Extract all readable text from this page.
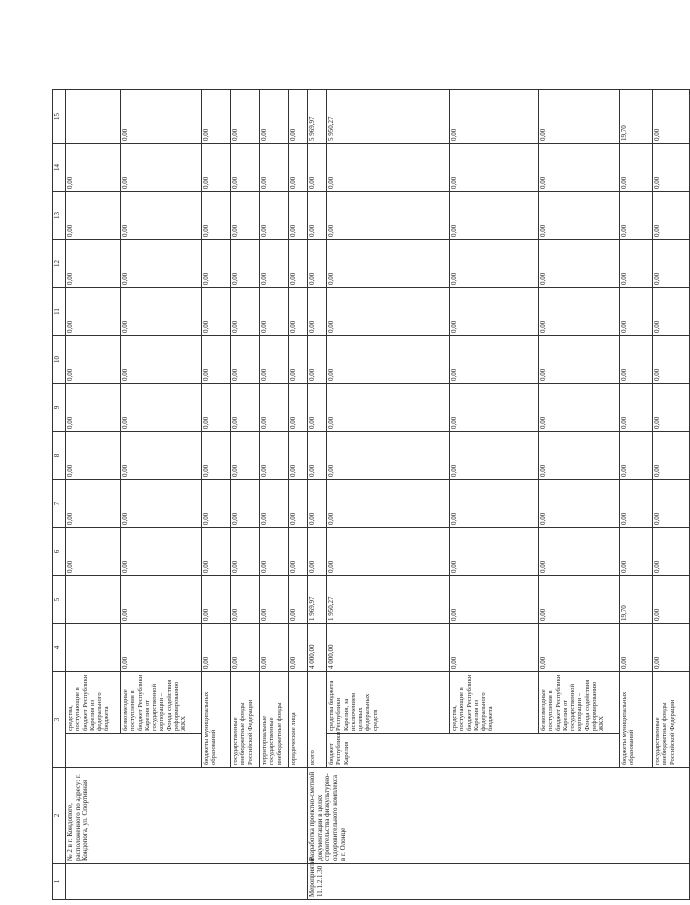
1	2	3		4	5	6	7	8	9	10	11	12	13	14	15
	№ 2 в г. Кондопоге, расположенного по адресу: г. Кондопога, ул. Спортивная		средства, поступающие в бюджет Республики Карелия из федерального бюджета			0,00	0,00	0,00	0,00	0,00	0,00	0,00	0,00	0,00	
			безвозмездные поступления в бюджет Республики Карелия от государственной корпорации – Фонда содействия реформированию ЖКХ	0,00	0,00	0,00	0,00	0,00	0,00	0,00	0,00	0,00	0,00	0,00	0,00
		бюджеты муниципальных образований		0,00	0,00	0,00	0,00	0,00	0,00	0,00	0,00	0,00	0,00	0,00	0,00
		государственные внебюджетные фонды Российской Федерации		0,00	0,00	0,00	0,00	0,00	0,00	0,00	0,00	0,00	0,00	0,00	0,00
		территориальные государственные внебюджетные фонды		0,00	0,00	0,00	0,00	0,00	0,00	0,00	0,00	0,00	0,00	0,00	0,00
		юридические лица		0,00	0,00	0,00	0,00	0,00	0,00	0,00	0,00	0,00	0,00	0,00	0,00
Мероприятие 11.1.2.1.30	Разработка проектно-сметной документации в целях строительства физкультурно-оздоровительного комплекса в г. Олонце	всего		4 000,00	1 969,97	0,00	0,00	0,00	0,00	0,00	0,00	0,00	0,00	0,00	5 969,97
		бюджет Республики Карелия	средства бюджета Республики Карелия, за исключением целевых федеральных средств	4 000,00	1 950,27	0,00	0,00	0,00	0,00	0,00	0,00	0,00	0,00	0,00	5 950,27
			средства, поступающие в бюджет Республики Карелия из федерального бюджета	0,00	0,00	0,00	0,00	0,00	0,00	0,00	0,00	0,00	0,00	0,00	0,00
			безвозмездные поступления в бюджет Республики Карелия от государственной корпорации – Фонда содействия реформированию ЖКХ	0,00	0,00	0,00	0,00	0,00	0,00	0,00	0,00	0,00	0,00	0,00	0,00
		бюджеты муниципальных образований		0,00	19,70	0,00	0,00	0,00	0,00	0,00	0,00	0,00	0,00	0,00	19,70
		государственные внебюджетные фонды Российской Федерации		0,00	0,00	0,00	0,00	0,00	0,00	0,00	0,00	0,00	0,00	0,00	0,00
